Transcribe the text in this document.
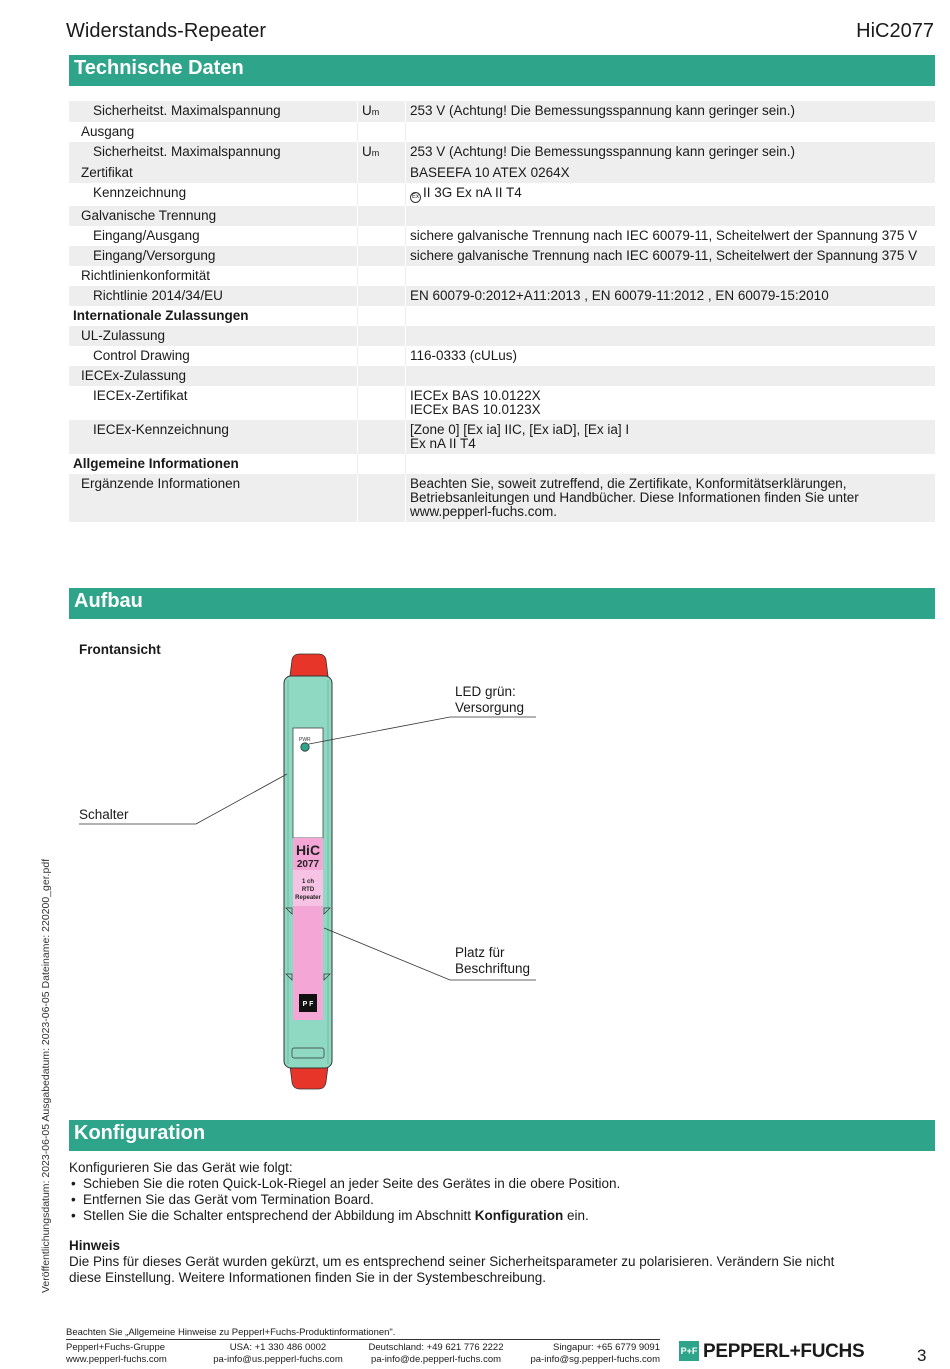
Widerstands-Repeater	HiC2077
Technische Daten
Sicherheitst. Maximalspannung	Um	253 V (Achtung! Die Bemessungsspannung kann geringer sein.)
Ausgang		
Sicherheitst. Maximalspannung	Um	253 V (Achtung! Die Bemessungsspannung kann geringer sein.)
Zertifikat		BASEEFA 10 ATEX 0264X
Kennzeichnung		Ex II 3G Ex nA II T4
Galvanische Trennung		
Eingang/Ausgang		sichere galvanische Trennung nach IEC 60079-11, Scheitelwert der Spannung 375 V
Eingang/Versorgung		sichere galvanische Trennung nach IEC 60079-11, Scheitelwert der Spannung 375 V
Richtlinienkonformität		
Richtlinie 2014/34/EU		EN 60079-0:2012+A11:2013 , EN 60079-11:2012 , EN 60079-15:2010
Internationale Zulassungen		
UL-Zulassung		
Control Drawing		116-0333 (cULus)
IECEx-Zulassung		
IECEx-Zertifikat		IECEx BAS 10.0122X
IECEx BAS 10.0123X
IECEx-Kennzeichnung		[Zone 0] [Ex ia] IIC, [Ex iaD], [Ex ia] I
Ex nA II T4
Allgemeine Informationen		
Ergänzende Informationen		Beachten Sie, soweit zutreffend, die Zertifikate, Konformitätserklärungen,
Betriebsanleitungen und Handbücher. Diese Informationen finden Sie unter
www.pepperl-fuchs.com.
Aufbau
Frontansicht
PWR
HiC
2077
1 ch
RTD
Repeater
P F
LED grün:
Versorgung
Schalter
Platz für
Beschriftung
Konfiguration
Konfigurieren Sie das Gerät wie folgt:
• Schieben Sie die roten Quick-Lok-Riegel an jeder Seite des Gerätes in die obere Position.
• Entfernen Sie das Gerät vom Termination Board.
• Stellen Sie die Schalter entsprechend der Abbildung im Abschnitt Konfiguration ein.
Hinweis
Die Pins für dieses Gerät wurden gekürzt, um es entsprechend seiner Sicherheitsparameter zu polarisieren. Verändern Sie nicht diese Einstellung. Weitere Informationen finden Sie in der Systembeschreibung.
Veröffentlichungsdatum: 2023-06-05 Ausgabedatum: 2023-06-05 Dateiname: 220200_ger.pdf
Beachten Sie „Allgemeine Hinweise zu Pepperl+Fuchs-Produktinformationen".
Pepperl+Fuchs-Gruppe
www.pepperl-fuchs.com
USA: +1 330 486 0002
pa-info@us.pepperl-fuchs.com
Deutschland: +49 621 776 2222
pa-info@de.pepperl-fuchs.com
Singapur: +65 6779 9091
pa-info@sg.pepperl-fuchs.com
P+F PEPPERL+FUCHS	3
